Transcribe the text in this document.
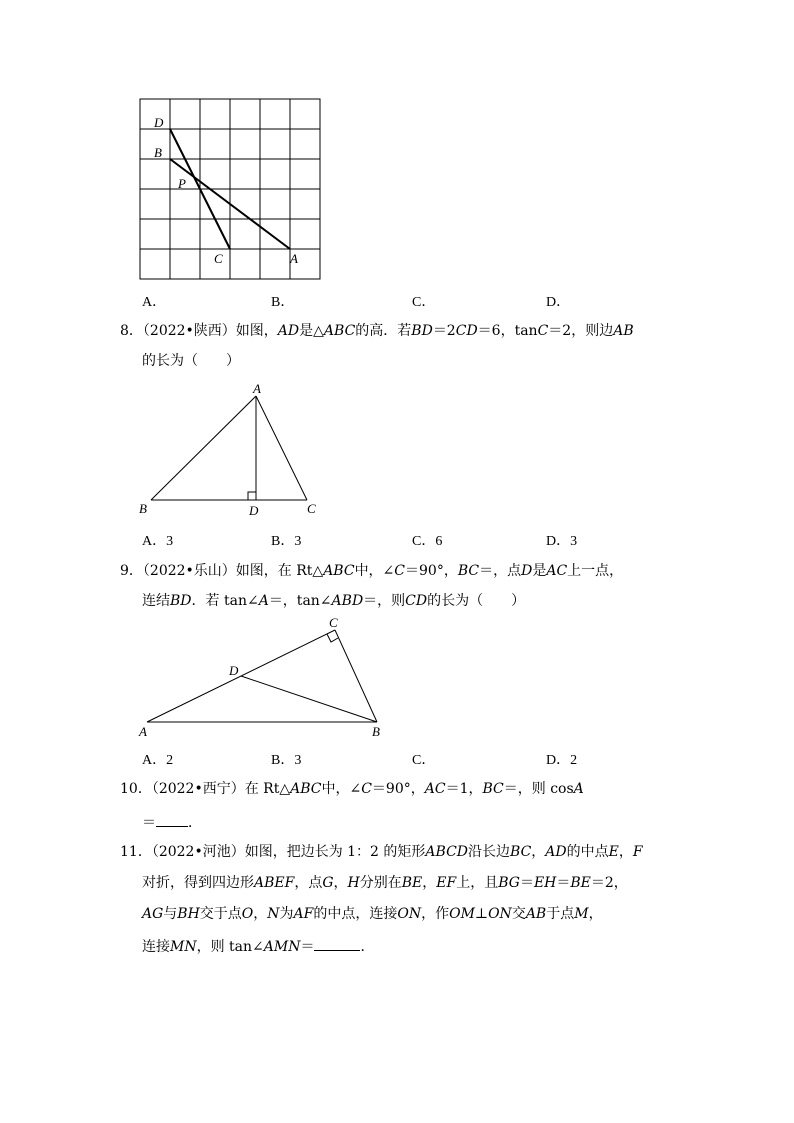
D
B
P
C	A
A．	B．	C．	D．
8．（2022•陕西）如图，AD是△ABC的高．若BD＝2CD＝6，tanC＝2，则边AB
的长为（　　）
A
B	D	C
A．3	B．3	C．6	D．3
9．（2022•乐山）如图，在 Rt△ABC中，∠C＝90°，BC＝，点D是AC上一点，
连结BD．若 tan∠A＝，tan∠ABD＝，则CD的长为（　　）
C
D
A	B
A．2	B．3	C．	D．2
10．（2022•西宁）在 Rt△ABC中，∠C＝90°，AC＝1，BC＝，则 cosA
＝ ．
11．（2022•河池）如图，把边长为 1：2 的矩形ABCD沿长边BC，AD的中点E，F
对折，得到四边形ABEF，点G，H分别在BE，EF上，且BG＝EH＝BE＝2，
AG与BH交于点O，N为AF的中点，连接ON，作OM⊥ON交AB于点M，
连接MN，则 tan∠AMN＝	．
